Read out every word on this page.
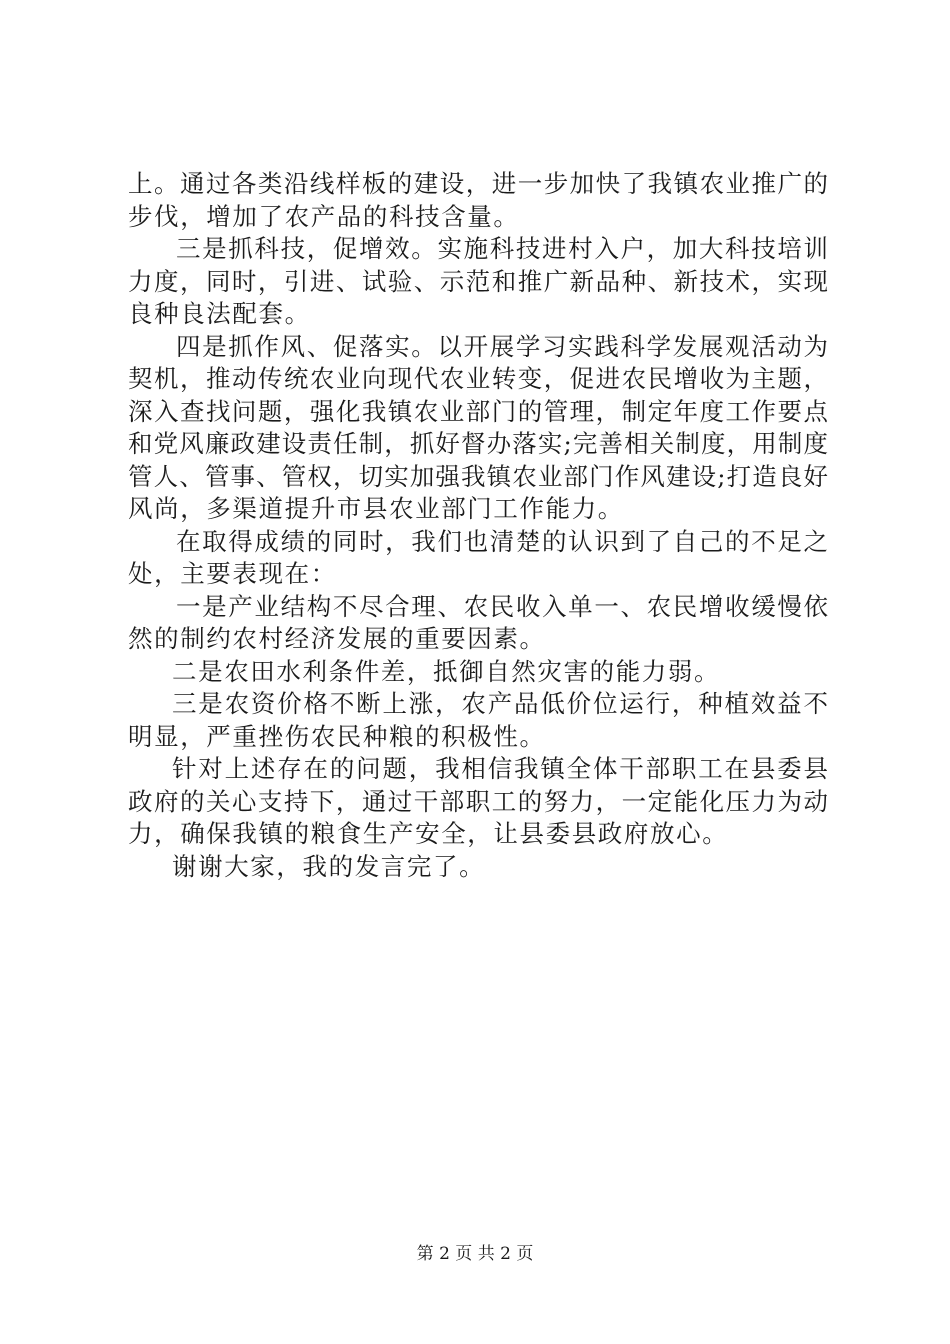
上。通过各类沿线样板的建设，进一步加快了我镇农业推广的
步伐，增加了农产品的科技含量。
三是抓科技，促增效。实施科技进村入户，加大科技培训
力度，同时，引进、试验、示范和推广新品种、新技术，实现
良种良法配套。
四是抓作风、促落实。以开展学习实践科学发展观活动为
契机，推动传统农业向现代农业转变，促进农民增收为主题，
深入查找问题，强化我镇农业部门的管理，制定年度工作要点
和党风廉政建设责任制，抓好督办落实;完善相关制度，用制度
管人、管事、管权，切实加强我镇农业部门作风建设;打造良好
风尚，多渠道提升市县农业部门工作能力。
在取得成绩的同时，我们也清楚的认识到了自己的不足之
处，主要表现在：
一是产业结构不尽合理、农民收入单一、农民增收缓慢依
然的制约农村经济发展的重要因素。
二是农田水利条件差，抵御自然灾害的能力弱。
三是农资价格不断上涨，农产品低价位运行，种植效益不
明显，严重挫伤农民种粮的积极性。
针对上述存在的问题，我相信我镇全体干部职工在县委县
政府的关心支持下，通过干部职工的努力，一定能化压力为动
力，确保我镇的粮食生产安全，让县委县政府放心。
谢谢大家，我的发言完了。
第 2 页 共 2 页
